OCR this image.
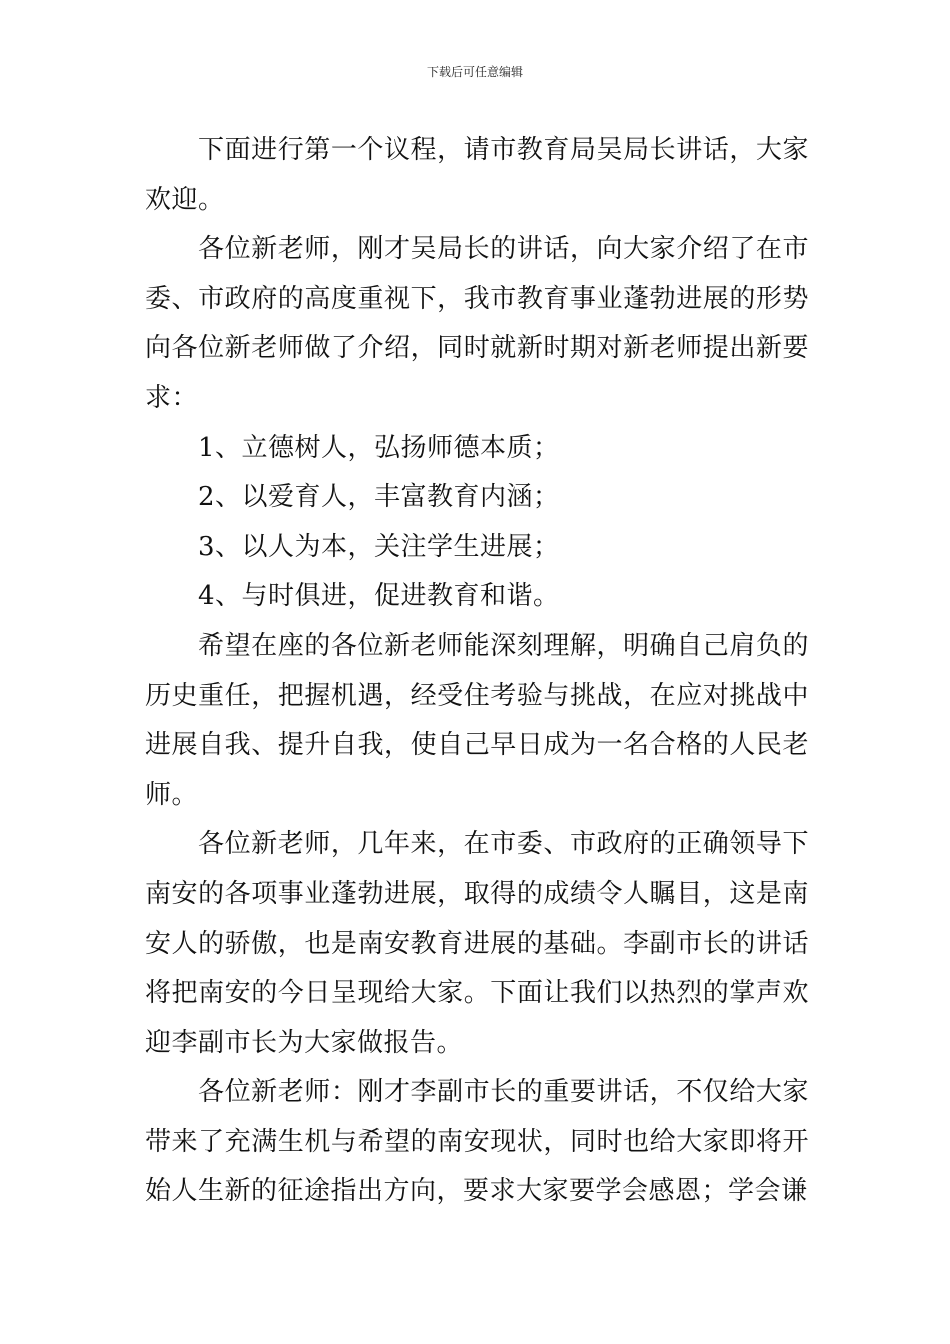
下载后可任意编辑

下面进行第一个议程，请市教育局吴局长讲话，大家欢迎。

各位新老师，刚才吴局长的讲话，向大家介绍了在市委、市政府的高度重视下，我市教育事业蓬勃进展的形势向各位新老师做了介绍，同时就新时期对新老师提出新要求：

1、立德树人，弘扬师德本质；

2、以爱育人，丰富教育内涵；

3、以人为本，关注学生进展；

4、与时俱进，促进教育和谐。

希望在座的各位新老师能深刻理解，明确自己肩负的历史重任，把握机遇，经受住考验与挑战，在应对挑战中进展自我、提升自我，使自己早日成为一名合格的人民老师。

各位新老师，几年来，在市委、市政府的正确领导下南安的各项事业蓬勃进展，取得的成绩令人瞩目，这是南安人的骄傲，也是南安教育进展的基础。李副市长的讲话将把南安的今日呈现给大家。下面让我们以热烈的掌声欢迎李副市长为大家做报告。

各位新老师：刚才李副市长的重要讲话，不仅给大家带来了充满生机与希望的南安现状，同时也给大家即将开始人生新的征途指出方向，要求大家要学会感恩；学会谦
